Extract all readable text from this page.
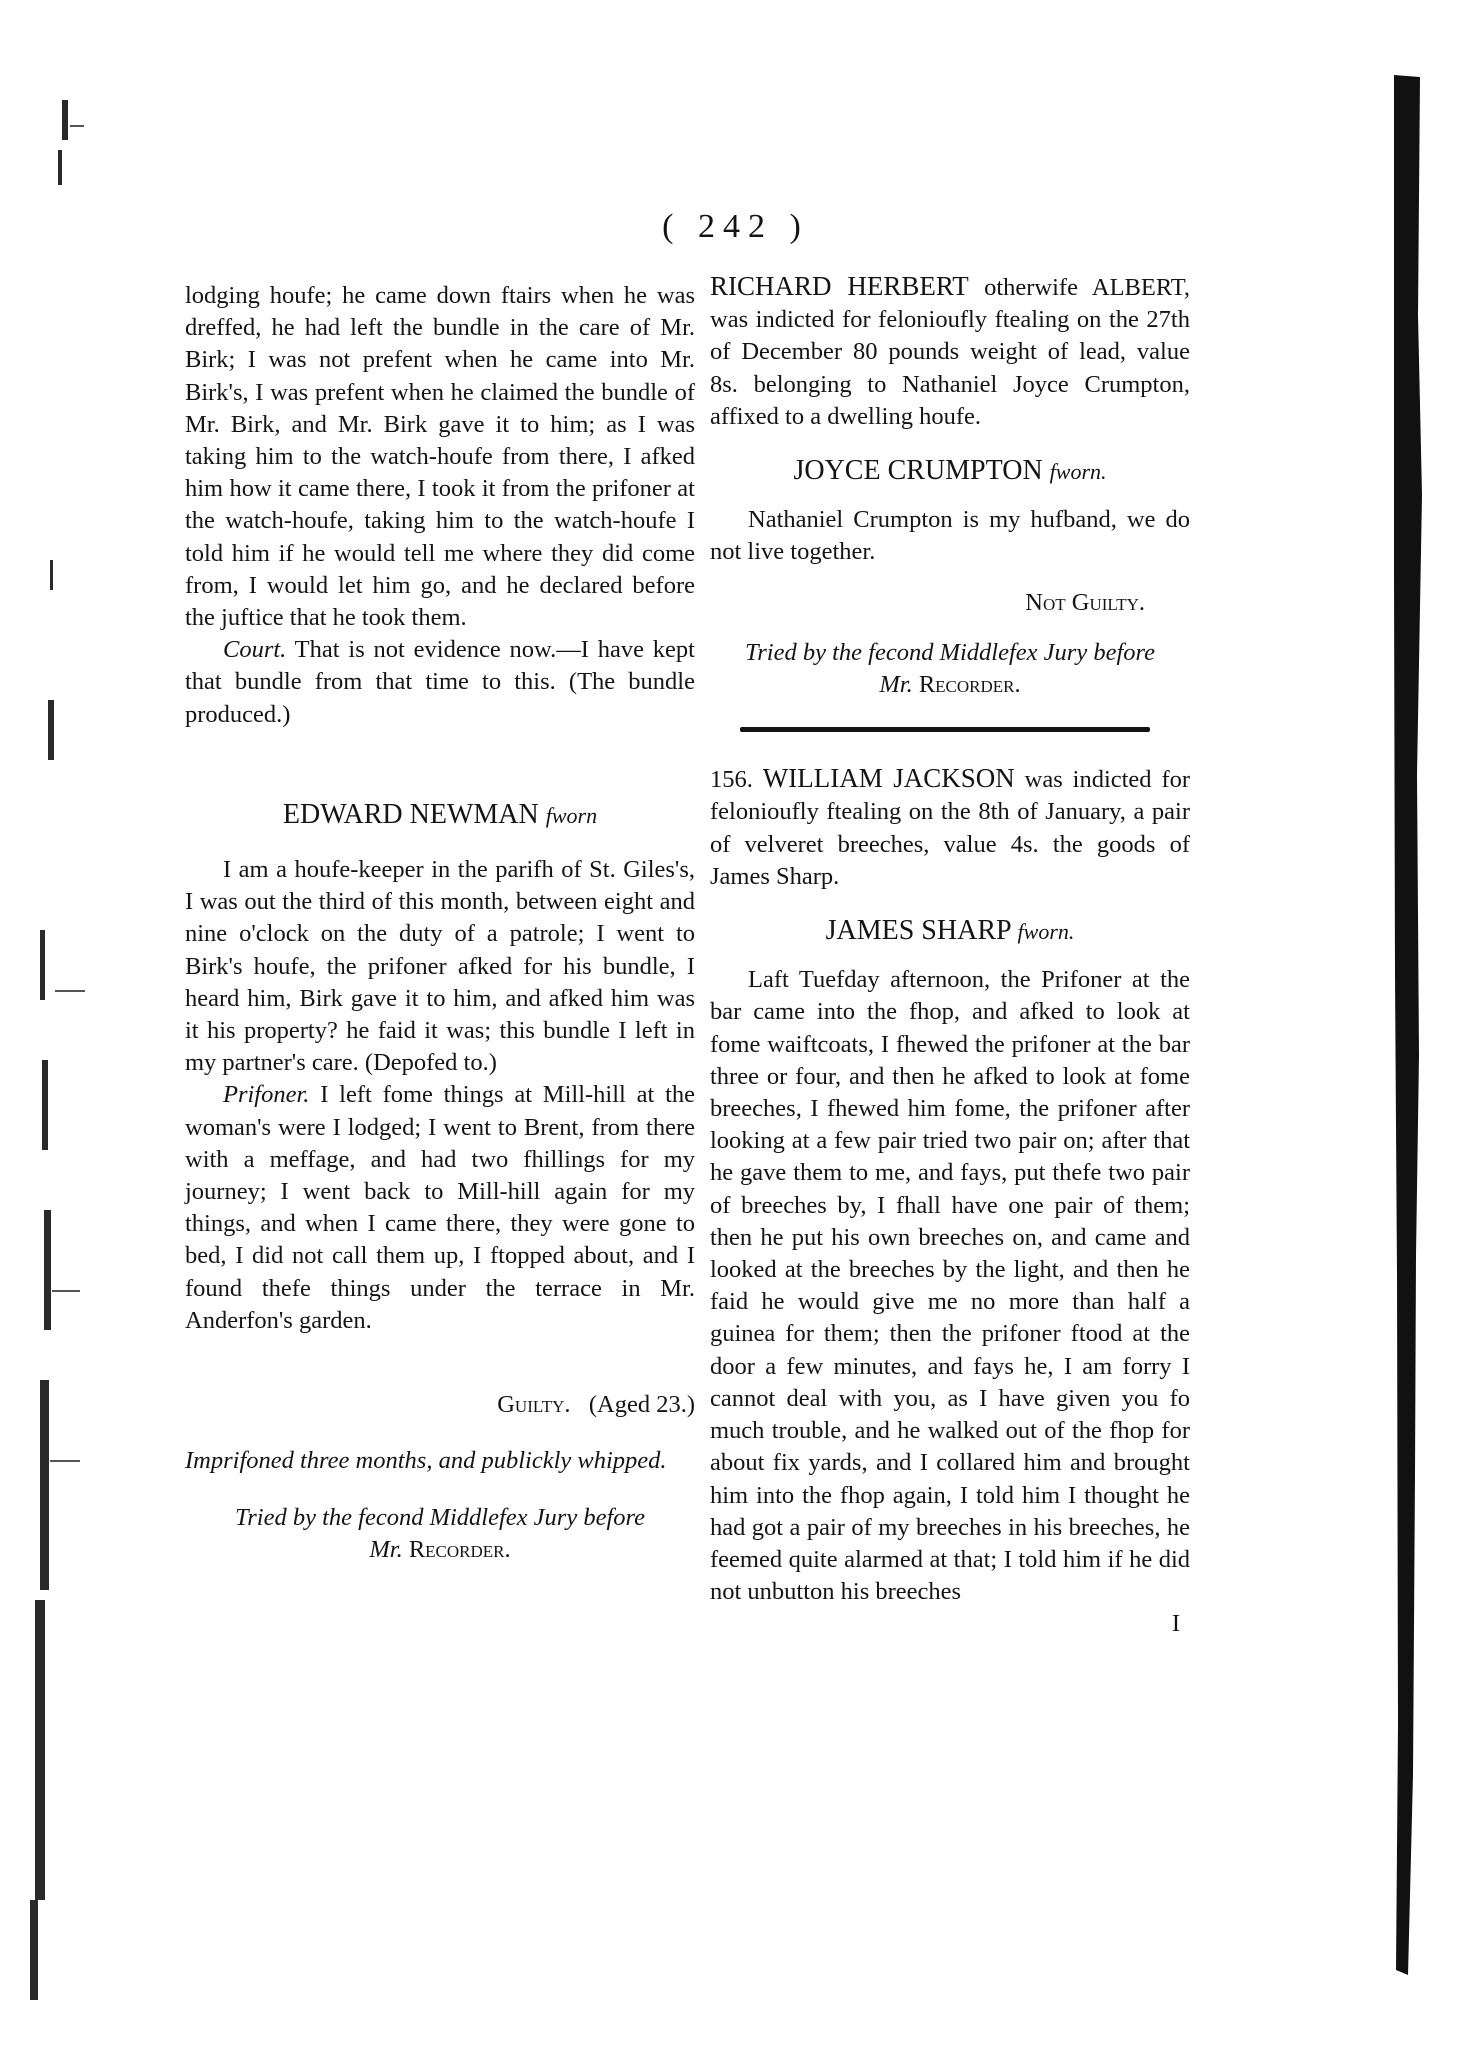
( 242 )

lodging houfe; he came down ftairs when he was dreffed, he had left the bundle in the care of Mr. Birk; I was not prefent when he came into Mr. Birk's, I was prefent when he claimed the bundle of Mr. Birk, and Mr. Birk gave it to him; as I was taking him to the watch-houfe from there, I afked him how it came there, I took it from the prifoner at the watch-houfe, taking him to the watch-houfe I told him if he would tell me where they did come from, I would let him go, and he declared before the juftice that he took them.

Court. That is not evidence now.—I have kept that bundle from that time to this. (The bundle produced.)

EDWARD NEWMAN fworn

I am a houfe-keeper in the parifh of St. Giles's, I was out the third of this month, between eight and nine o'clock on the duty of a patrole; I went to Birk's houfe, the prifoner afked for his bundle, I heard him, Birk gave it to him, and afked him was it his property? he faid it was; this bundle I left in my partner's care. (Depofed to.)

Prifoner. I left fome things at Mill-hill at the woman's were I lodged; I went to Brent, from there with a meffage, and had two fhillings for my journey; I went back to Mill-hill again for my things, and when I came there, they were gone to bed, I did not call them up, I ftopped about, and I found thefe things under the terrace in Mr. Anderfon's garden.

Guilty. (Aged 23.)

Imprifoned three months, and publickly whipped.

Tried by the fecond Middlefex Jury before

Mr. Recorder.

RICHARD HERBERT otherwife ALBERT, was indicted for felonioufly ftealing on the 27th of December 80 pounds weight of lead, value 8s. belonging to Nathaniel Joyce Crumpton, affixed to a dwelling houfe.

JOYCE CRUMPTON fworn.

Nathaniel Crumpton is my hufband, we do not live together.

Not Guilty.

Tried by the fecond Middlefex Jury before

Mr. Recorder.

156. WILLIAM JACKSON was indicted for felonioufly ftealing on the 8th of January, a pair of velveret breeches, value 4s. the goods of James Sharp.

JAMES SHARP fworn.

Laft Tuefday afternoon, the Prifoner at the bar came into the fhop, and afked to look at fome waiftcoats, I fhewed the prifoner at the bar three or four, and then he afked to look at fome breeches, I fhewed him fome, the prifoner after looking at a few pair tried two pair on; after that he gave them to me, and fays, put thefe two pair of breeches by, I fhall have one pair of them; then he put his own breeches on, and came and looked at the breeches by the light, and then he faid he would give me no more than half a guinea for them; then the prifoner ftood at the door a few minutes, and fays he, I am forry I cannot deal with you, as I have given you fo much trouble, and he walked out of the fhop for about fix yards, and I collared him and brought him into the fhop again, I told him I thought he had got a pair of my breeches in his breeches, he feemed quite alarmed at that; I told him if he did not unbutton his breeches

I
